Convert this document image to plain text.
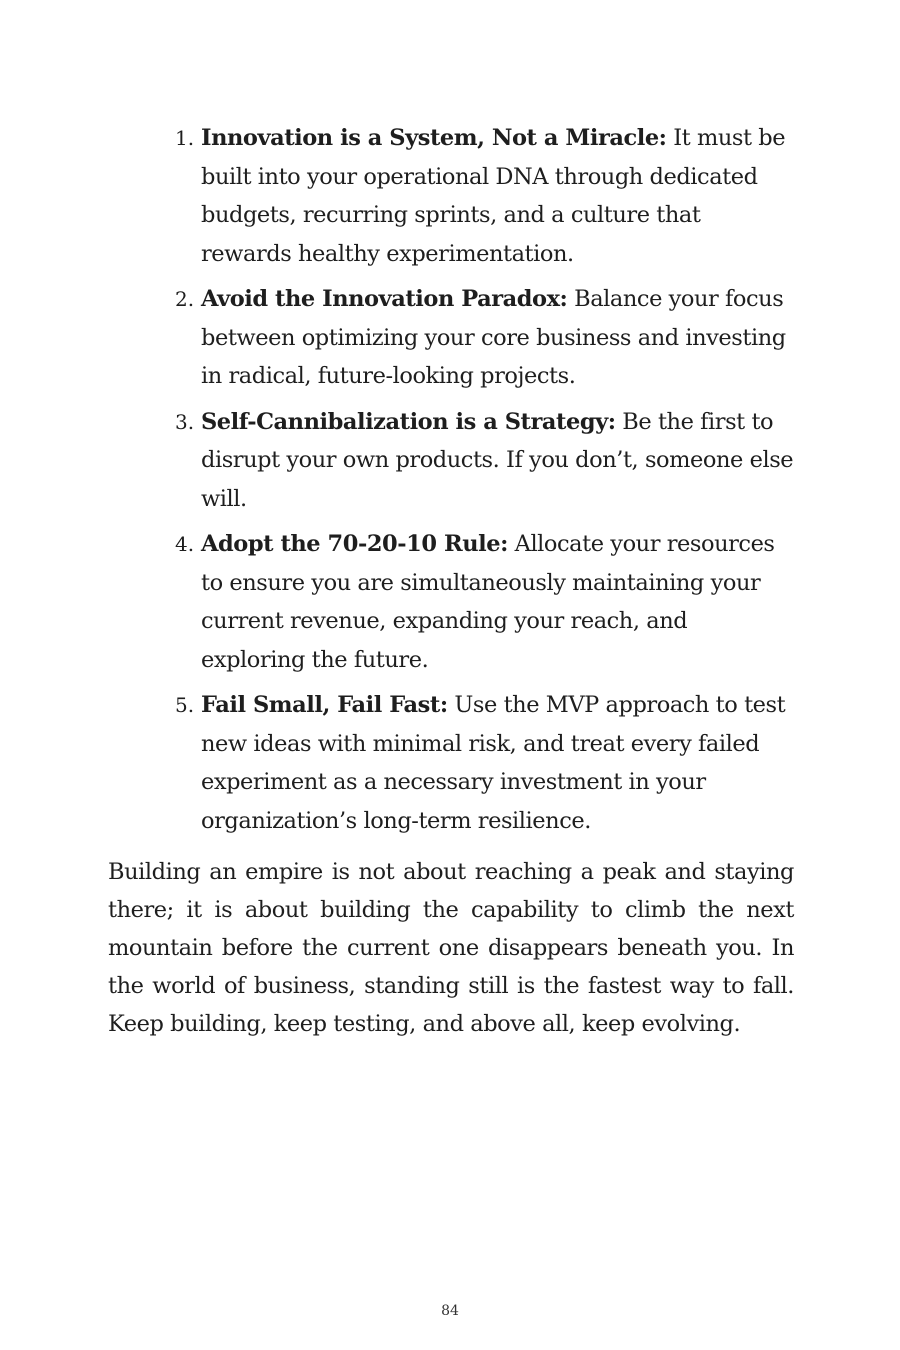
1. Innovation is a System, Not a Miracle: It must be built into your operational DNA through dedicated budgets, recurring sprints, and a culture that rewards healthy experimentation.
2. Avoid the Innovation Paradox: Balance your focus between optimizing your core business and investing in radical, future-looking projects.
3. Self-Cannibalization is a Strategy: Be the first to disrupt your own products. If you don’t, someone else will.
4. Adopt the 70-20-10 Rule: Allocate your resources to ensure you are simultaneously maintaining your current revenue, expanding your reach, and exploring the future.
5. Fail Small, Fail Fast: Use the MVP approach to test new ideas with minimal risk, and treat every failed experiment as a necessary investment in your organization’s long-term resilience.

Building an empire is not about reaching a peak and staying there; it is about building the capability to climb the next mountain before the current one disappears beneath you. In the world of business, standing still is the fastest way to fall. Keep building, keep testing, and above all, keep evolving.

84
